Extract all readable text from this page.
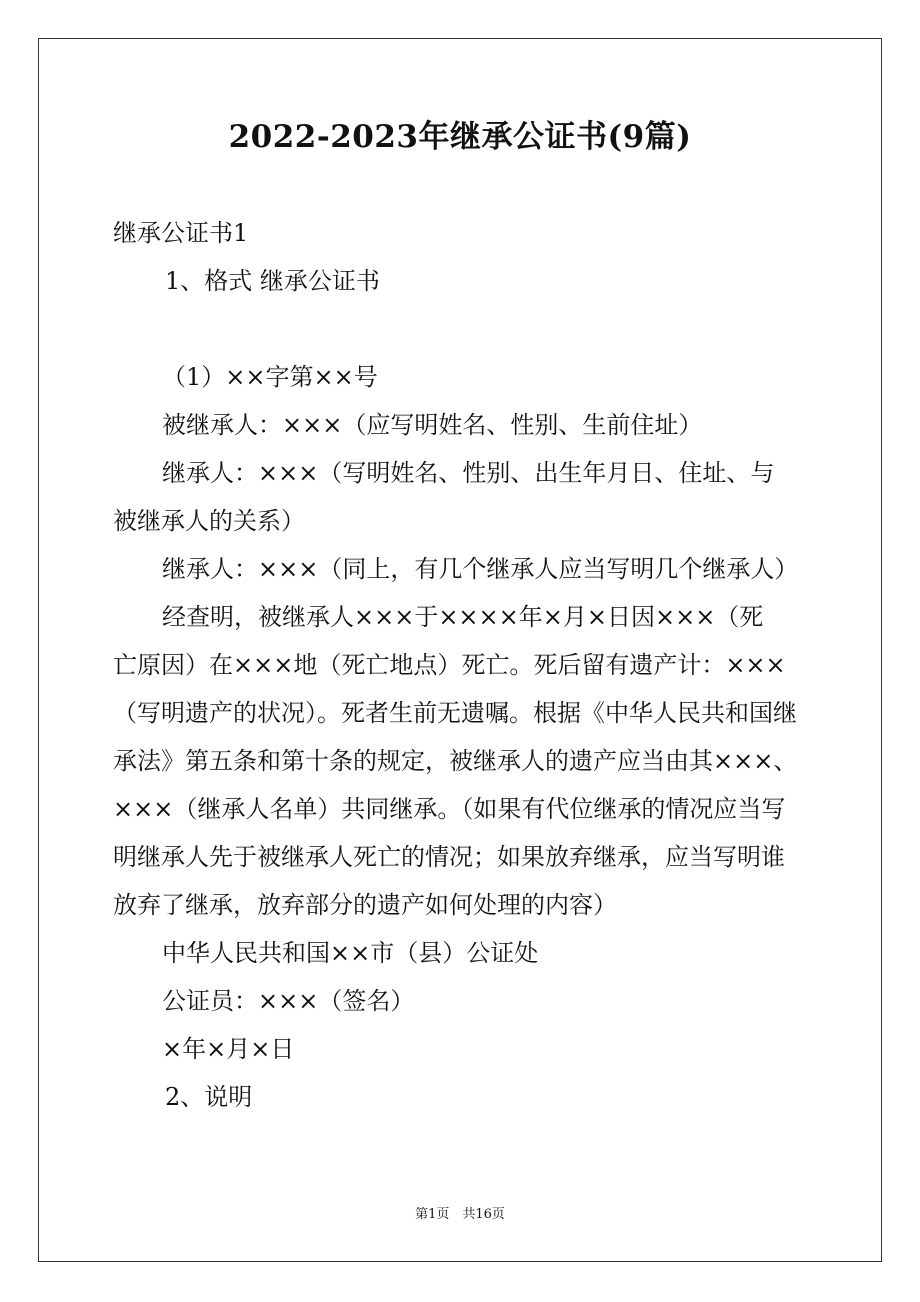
2022-2023年继承公证书(9篇)

继承公证书1

1、格式 继承公证书

（1）××字第××号

被继承人：×××（应写明姓名、性别、生前住址）

继承人：×××（写明姓名、性别、出生年月日、住址、与

被继承人的关系）

继承人：×××（同上，有几个继承人应当写明几个继承人）

经查明，被继承人×××于××××年×月×日因×××（死

亡原因）在×××地（死亡地点）死亡。死后留有遗产计：×××

（写明遗产的状况）。死者生前无遗嘱。根据《中华人民共和国继

承法》第五条和第十条的规定，被继承人的遗产应当由其×××、

×××（继承人名单）共同继承。（如果有代位继承的情况应当写

明继承人先于被继承人死亡的情况；如果放弃继承，应当写明谁

放弃了继承，放弃部分的遗产如何处理的内容）

中华人民共和国××市（县）公证处

公证员：×××（签名）

×年×月×日

2、说明

第1页　共16页
